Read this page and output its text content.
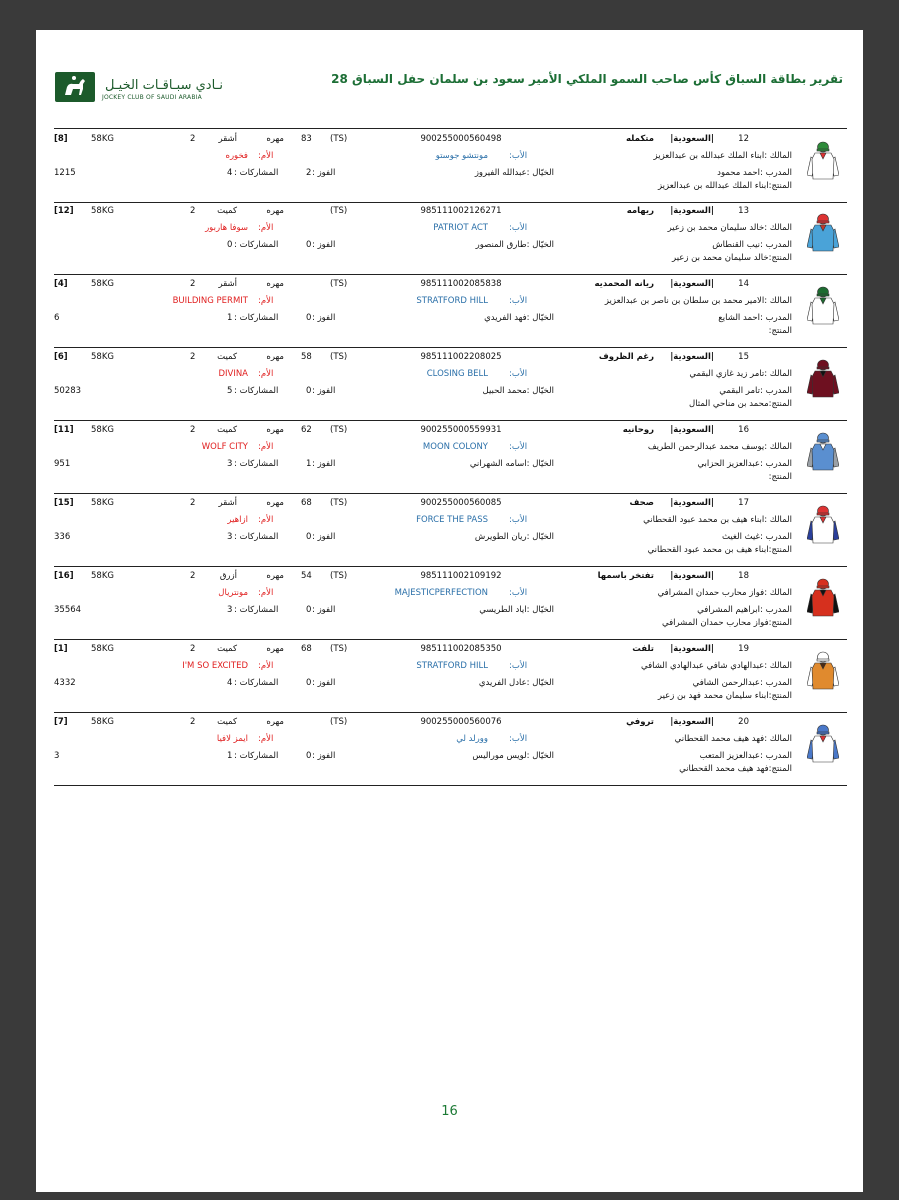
نـادي سبـاقـات الخيـل
JOCKEY CLUB OF SAUDI ARABIA
تقرير بطاقة السباق كأس صاحب السمو الملكي الأمير سعود بن سلمان حفل السباق 28
[8]	58KG	2	أشقر	مهره 83 (TS)	900255000560498	|السعودية|
متكمله	12
فخوره الأم:	مونتشو جوستو الأب:	المالك :ابناء الملك عبدالله بن عبدالعزيز
1215	4 المشاركات :	2 الفوز :	الخيّال :عبدالله الفيروز	المدرب :احمد محمود
المنتج:ابناء الملك عبدالله بن عبدالعزيز
[12] 58KG	2	كميت	مهره	(TS)	985111002126271	|السعودية|
ريهامه	13
سوفا هاربور الأم:	PATRIOT ACT الأب:	المالك :خالد سليمان محمد بن زعير
0 المشاركات :	0 الفوز :	الخيّال :طارق المنصور	المدرب :نيب القنطاش
المنتج:خالد سليمان محمد بن زعير
[4]	58KG	2	أشقر	مهره	(TS)	985111002085838	|السعودية|
ريانه المحمديه	14
BUILDING PERMIT الأم:	STRATFORD HILL الأب:	المالك :الامير محمد بن سلطان بن ناصر بن عبدالعزيز
6	1 المشاركات :	0 الفوز :	الخيّال :فهد الفريدي	المدرب :احمد الشايع
المنتج:
[6]	58KG	2	كميت	مهره 58 (TS)	985111002208025	|السعودية|
رغم الظروف	15
DIVINA الأم:	CLOSING BELL الأب:	المالك :تامر زيد غازي البقمي
50283	5 المشاركات :	0 الفوز :	الخيّال :محمد الحبيل	المدرب :تامر البقمي
المنتج:محمد بن مناحي المثال
[11] 58KG	2	كميت	مهره 62 (TS)	900255000559931	|السعودية|
روحانيه	16
WOLF CITY الأم:	MOON COLONY الأب:	المالك :يوسف محمد عبدالرحمن الطريف
951	3 المشاركات :	1 الفوز :	الخيّال :اسامه الشهراني	المدرب :عبدالعزيز الحزابي
المنتج:
[15] 58KG	2	أشقر	مهره 68 (TS)	900255000560085	|السعودية|
صحف	17
ازاهير الأم:	FORCE THE PASS الأب:	المالك :ابناء هيف بن محمد عبود القحطاني
336	3 المشاركات :	0 الفوز :	الخيّال :ريان الطويرش	المدرب :غيث الغيث
المنتج:ابناء هيف بن محمد عبود القحطاني
[16] 58KG	2	أزرق	مهره 54 (TS)	985111002109192	|السعودية|
تفتخر باسمها	18
مونتريال الأم:	MAJESTICPERFECTION الأب:	المالك :فواز محارب حمدان المشرافي
35564	3 المشاركات :	0 الفوز :	الخيّال :اياد الطريسي	المدرب :ابراهيم المشرافي
المنتج:فواز محارب حمدان المشرافي
[1]	58KG	2	كميت	مهره 68 (TS)	985111002085350	|السعودية|
تلفت	19
I'M SO EXCITED الأم:	STRATFORD HILL الأب:	المالك :عبدالهادي شافي عبدالهادي الشافي
4332	4 المشاركات :	0 الفوز :	الخيّال :عادل الفريدي	المدرب :عبدالرحمن الشافي
المنتج:ابناء سليمان محمد فهد بن زعير
[7]	58KG	2	كميت	مهره	(TS)	900255000560076	|السعودية|
تروفي	20
ايمز لافيا الأم:	وورلد لي الأب:	المالك :فهد هيف محمد القحطاني
3	1 المشاركات :	0 الفوز :	الخيّال :لويس موراليس	المدرب :عبدالعزيز المتعب
المنتج:فهد هيف محمد القحطاني
16
